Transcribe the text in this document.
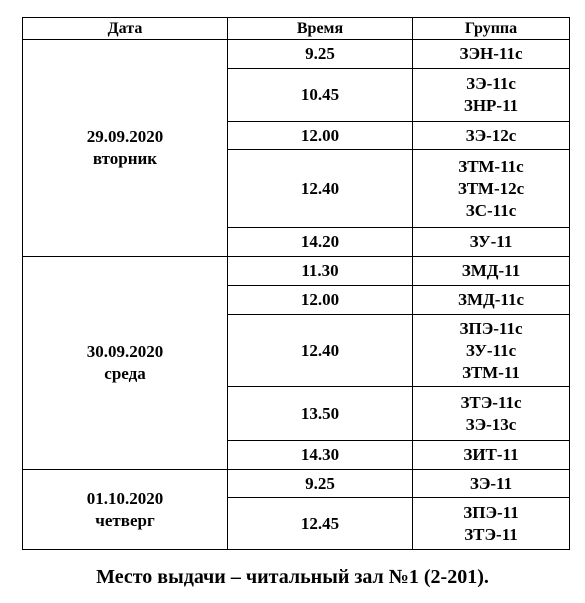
Дата	Время	Группа

29.09.2020
вторник	9.25	ЗЭН-11с

	10.45	ЗЭ-11с
ЗНР-11

	12.00	ЗЭ-12с

	12.40	ЗТМ-11с
ЗТМ-12с
ЗС-11с

	14.20	ЗУ-11

30.09.2020
среда	11.30	ЗМД-11

	12.00	ЗМД-11с

	12.40	ЗПЭ-11с
ЗУ-11с
ЗТМ-11

	13.50	ЗТЭ-11с
ЗЭ-13с

	14.30	ЗИТ-11

01.10.2020
четверг	9.25	ЗЭ-11

	12.45	ЗПЭ-11
ЗТЭ-11
Место выдачи – читальный зал №1 (2-201).
